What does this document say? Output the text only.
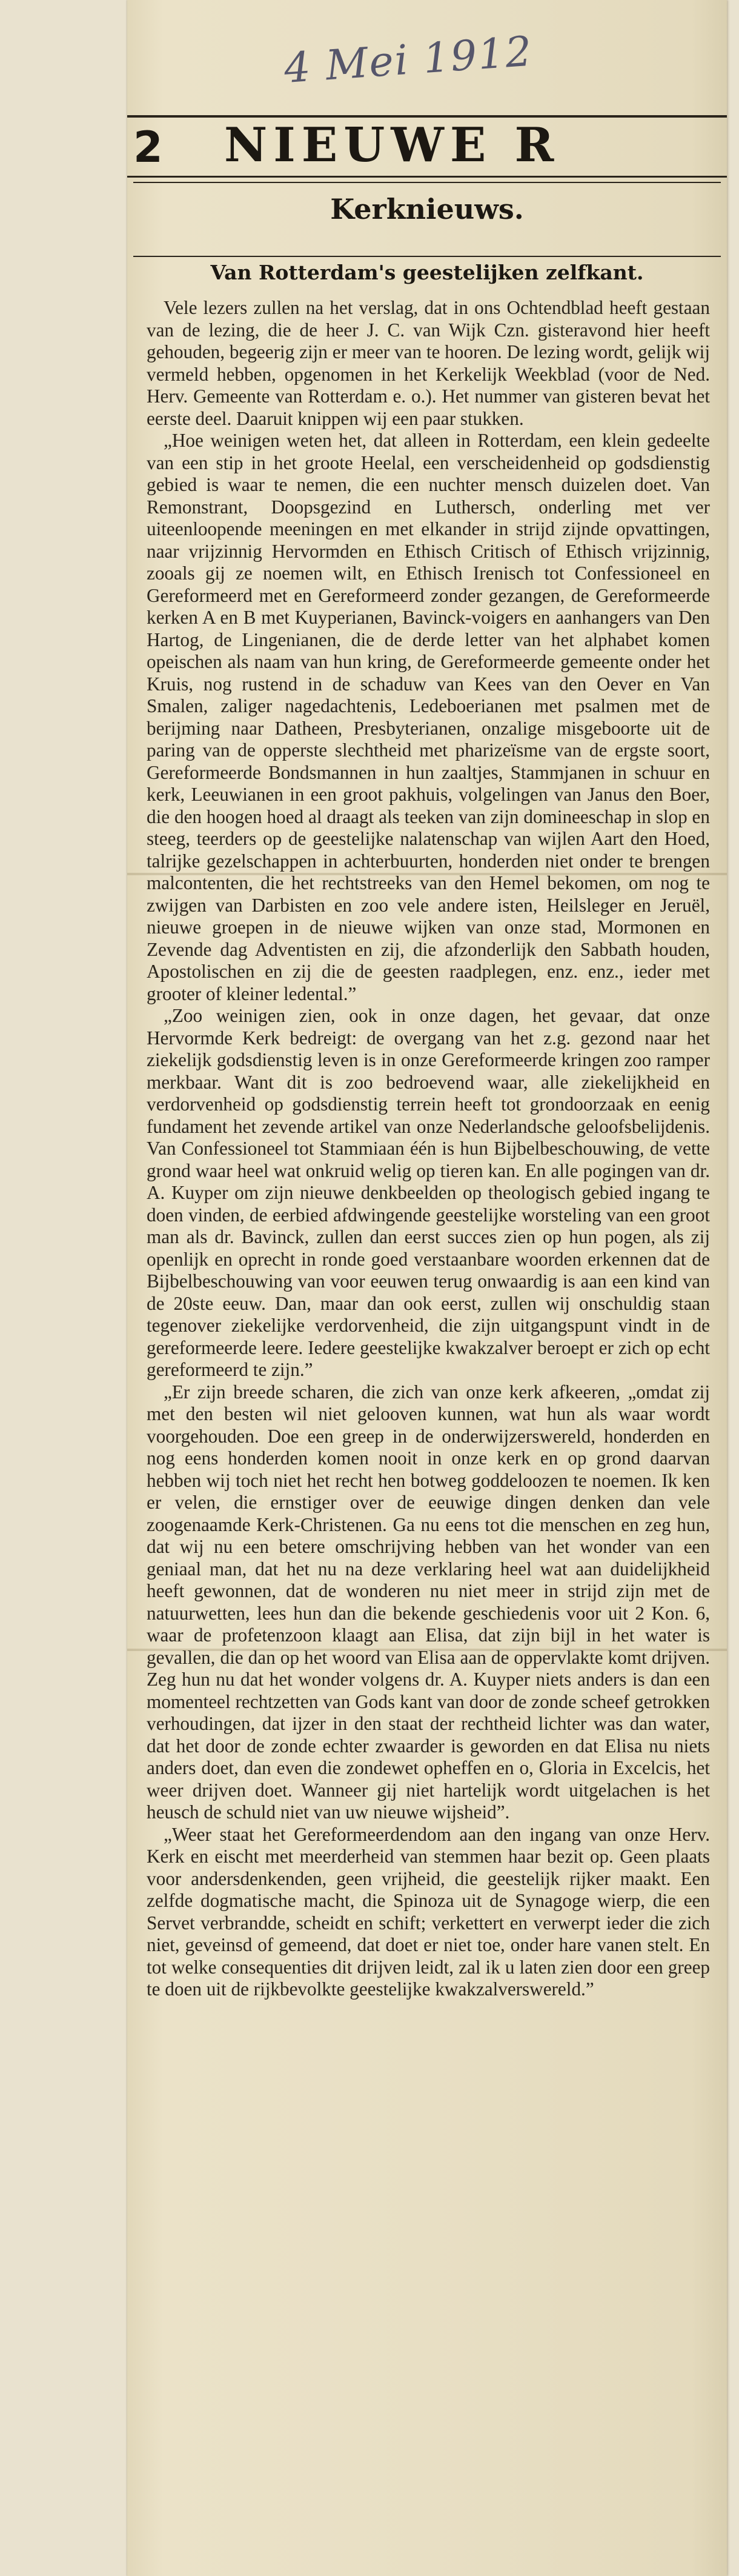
4 Mei 1912
2 NIEUWE R
Kerknieuws.
Van Rotterdam's geestelijken zelfkant.

Vele lezers zullen na het verslag, dat in ons Ochtendblad heeft gestaan van de lezing, die de heer J. C. van Wijk Czn. gisteravond hier heeft gehouden, begeerig zijn er meer van te hooren. De lezing wordt, gelijk wij vermeld hebben, opgenomen in het Kerkelijk Weekblad (voor de Ned. Herv. Gemeente van Rotterdam e. o.). Het nummer van gisteren bevat het eerste deel. Daaruit knippen wij een paar stukken.

„Hoe weinigen weten het, dat alleen in Rotterdam, een klein gedeelte van een stip in het groote Heelal, een verscheidenheid op godsdienstig gebied is waar te nemen, die een nuchter mensch duizelen doet. Van Remonstrant, Doopsgezind en Luthersch, onderling met ver uiteenloopende meeningen en met elkander in strijd zijnde opvattingen, naar vrijzinnig Hervormden en Ethisch Critisch of Ethisch vrijzinnig, zooals gij ze noemen wilt, en Ethisch Irenisch tot Confessioneel en Gereformeerd met en Gereformeerd zonder gezangen, de Gereformeerde kerken A en B met Kuyperianen, Bavinck-voigers en aanhangers van Den Hartog, de Lingenianen, die de derde letter van het alphabet komen opeischen als naam van hun kring, de Gereformeerde gemeente onder het Kruis, nog rustend in de schaduw van Kees van den Oever en Van Smalen, zaliger nagedachtenis, Ledeboerianen met psalmen met de berijming naar Datheen, Presbyterianen, onzalige misgeboorte uit de paring van de opperste slechtheid met pharizeïsme van de ergste soort, Gereformeerde Bondsmannen in hun zaaltjes, Stammjanen in schuur en kerk, Leeuwianen in een groot pakhuis, volgelingen van Janus den Boer, die den hoogen hoed al draagt als teeken van zijn domineeschap in slop en steeg, teerders op de geestelijke nalatenschap van wijlen Aart den Hoed, talrijke gezelschappen in achterbuurten, honderden niet onder te brengen malcontenten, die het rechtstreeks van den Hemel bekomen, om nog te zwijgen van Darbisten en zoo vele andere isten, Heilsleger en Jeruël, nieuwe groepen in de nieuwe wijken van onze stad, Mormonen en Zevende dag Adventisten en zij, die afzonderlijk den Sabbath houden, Apostolischen en zij die de geesten raadplegen, enz. enz., ieder met grooter of kleiner ledental.”

„Zoo weinigen zien, ook in onze dagen, het gevaar, dat onze Hervormde Kerk bedreigt: de overgang van het z.g. gezond naar het ziekelijk godsdienstig leven is in onze Gereformeerde kringen zoo ramper merkbaar. Want dit is zoo bedroevend waar, alle ziekelijkheid en verdorvenheid op godsdienstig terrein heeft tot grondoorzaak en eenig fundament het zevende artikel van onze Nederlandsche geloofsbelijdenis. Van Confessioneel tot Stammiaan één is hun Bijbelbeschouwing, de vette grond waar heel wat onkruid welig op tieren kan. En alle pogingen van dr. A. Kuyper om zijn nieuwe denkbeelden op theologisch gebied ingang te doen vinden, de eerbied afdwingende geestelijke worsteling van een groot man als dr. Bavinck, zullen dan eerst succes zien op hun pogen, als zij openlijk en oprecht in ronde goed verstaanbare woorden erkennen dat de Bijbelbeschouwing van voor eeuwen terug onwaardig is aan een kind van de 20ste eeuw. Dan, maar dan ook eerst, zullen wij onschuldig staan tegenover ziekelijke verdorvenheid, die zijn uitgangspunt vindt in de gereformeerde leere. Iedere geestelijke kwakzalver beroept er zich op echt gereformeerd te zijn.”

„Er zijn breede scharen, die zich van onze kerk afkeeren, „omdat zij met den besten wil niet gelooven kunnen, wat hun als waar wordt voorgehouden. Doe een greep in de onderwijzerswereld, honderden en nog eens honderden komen nooit in onze kerk en op grond daarvan hebben wij toch niet het recht hen botweg goddeloozen te noemen. Ik ken er velen, die ernstiger over de eeuwige dingen denken dan vele zoogenaamde Kerk-Christenen. Ga nu eens tot die menschen en zeg hun, dat wij nu een betere omschrijving hebben van het wonder van een geniaal man, dat het nu na deze verklaring heel wat aan duidelijkheid heeft gewonnen, dat de wonderen nu niet meer in strijd zijn met de natuurwetten, lees hun dan die bekende geschiedenis voor uit 2 Kon. 6, waar de profetenzoon klaagt aan Elisa, dat zijn bijl in het water is gevallen, die dan op het woord van Elisa aan de oppervlakte komt drijven. Zeg hun nu dat het wonder volgens dr. A. Kuyper niets anders is dan een momenteel rechtzetten van Gods kant van door de zonde scheef getrokken verhoudingen, dat ijzer in den staat der rechtheid lichter was dan water, dat het door de zonde echter zwaarder is geworden en dat Elisa nu niets anders doet, dan even die zondewet opheffen en o, Gloria in Excelcis, het weer drijven doet. Wanneer gij niet hartelijk wordt uitgelachen is het heusch de schuld niet van uw nieuwe wijsheid”.

„Weer staat het Gereformeerdendom aan den ingang van onze Herv. Kerk en eischt met meerderheid van stemmen haar bezit op. Geen plaats voor andersdenkenden, geen vrijheid, die geestelijk rijker maakt. Een zelfde dogmatische macht, die Spinoza uit de Synagoge wierp, die een Servet verbrandde, scheidt en schift; verkettert en verwerpt ieder die zich niet, geveinsd of gemeend, dat doet er niet toe, onder hare vanen stelt. En tot welke consequenties dit drijven leidt, zal ik u laten zien door een greep te doen uit de rijkbevolkte geestelijke kwakzalverswereld.”
